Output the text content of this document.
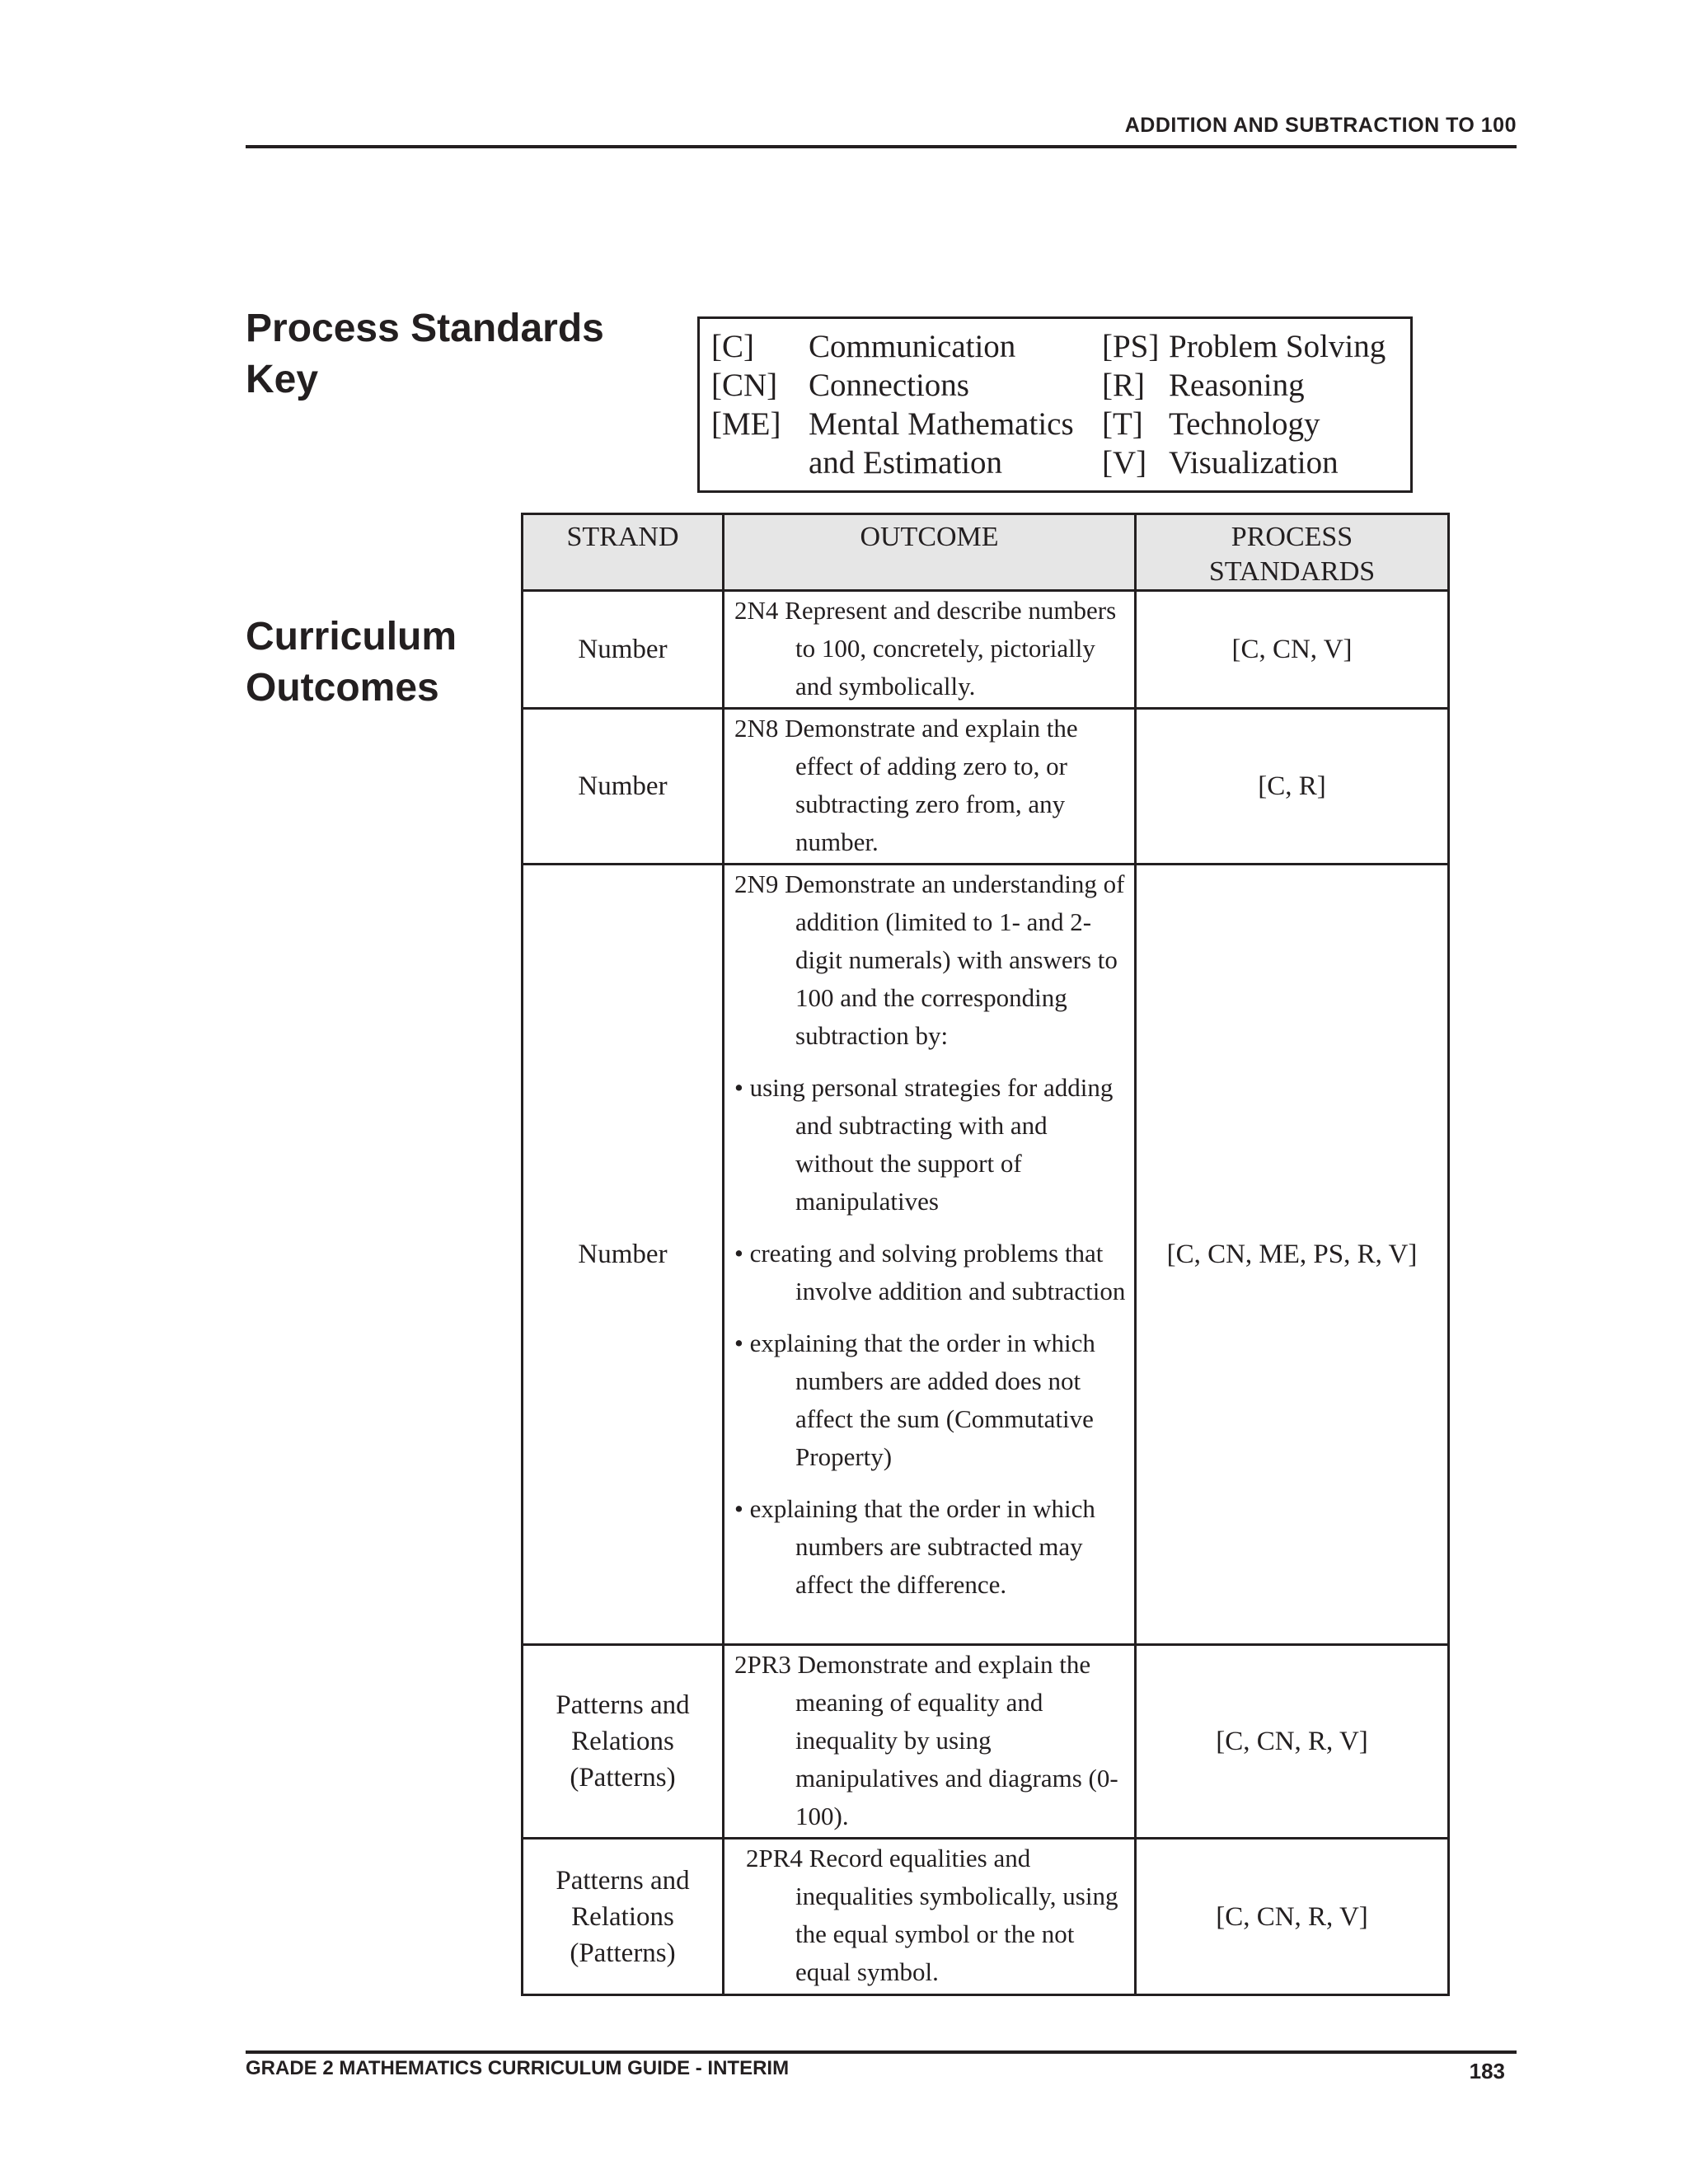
ADDITION AND SUBTRACTION TO 100
Process Standards
Key
Curriculum
Outcomes
[C] Communication	[PS] Problem Solving
[CN] Connections	[R] Reasoning
[ME] Mental Mathematics [T] Technology
and Estimation	[V] Visualization
STRAND	OUTCOME	PROCESS
STANDARDS
Number	2N4 Represent and describe numbers to 100, concretely, pictorially and symbolically.	[C, CN, V]
Number	2N8 Demonstrate and explain the effect of adding zero to, or subtracting zero from, any number.	[C, R]
Number	2N9 Demonstrate an understanding of addition (limited to 1- and 2-digit numerals) with answers to 100 and the corresponding subtraction by:

• using personal strategies for adding and subtracting with and without the support of manipulatives

• creating and solving problems that involve addition and subtraction

• explaining that the order in which numbers are added does not affect the sum (Commutative Property)

• explaining that the order in which numbers are subtracted may affect the difference.	[C, CN, ME, PS, R, V]
Patterns and
Relations
(Patterns)	2PR3 Demonstrate and explain the meaning of equality and inequality by using manipulatives and diagrams (0-100).	[C, CN, R, V]
Patterns and
Relations
(Patterns)	2PR4 Record equalities and inequalities symbolically, using the equal symbol or the not equal symbol.	[C, CN, R, V]
GRADE 2 MATHEMATICS CURRICULUM GUIDE - INTERIM	183
